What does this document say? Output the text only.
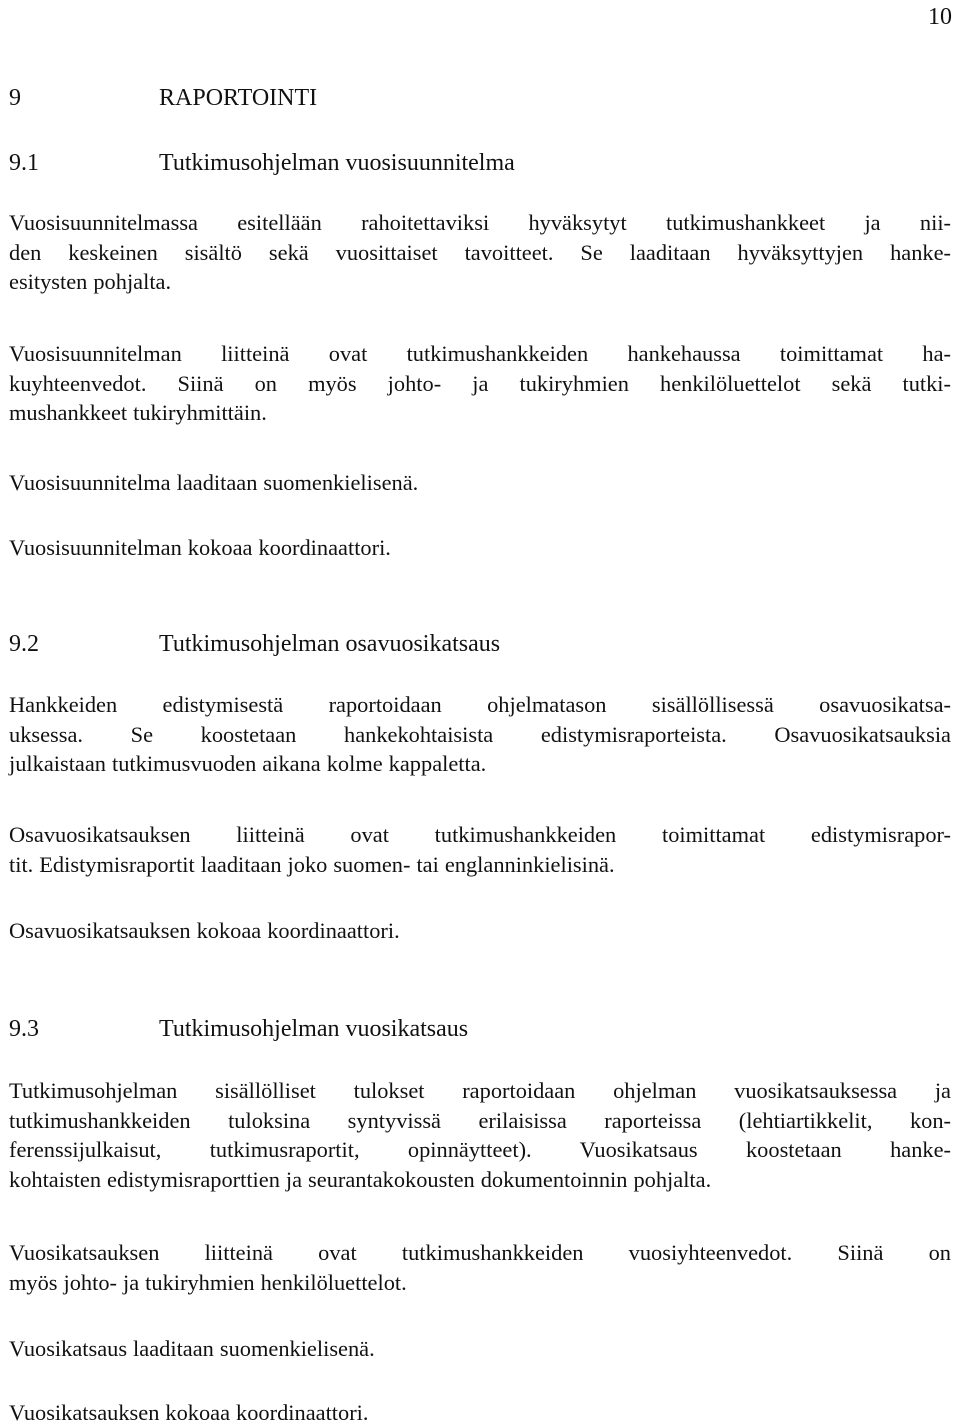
10
9	RAPORTOINTI
9.1	Tutkimusohjelman vuosisuunnitelma
Vuosisuunnitelmassa esitellään rahoitettaviksi hyväksytyt tutkimushankkeet ja nii-
den keskeinen sisältö sekä vuosittaiset tavoitteet. Se laaditaan hyväksyttyjen hanke-
esitysten pohjalta.
Vuosisuunnitelman liitteinä ovat tutkimushankkeiden hankehaussa toimittamat ha-
kuyhteenvedot. Siinä on myös johto- ja tukiryhmien henkilöluettelot sekä tutki-
mushankkeet tukiryhmittäin.
Vuosisuunnitelma laaditaan suomenkielisenä.
Vuosisuunnitelman kokoaa koordinaattori.
9.2	Tutkimusohjelman osavuosikatsaus
Hankkeiden edistymisestä raportoidaan ohjelmatason sisällöllisessä osavuosikatsa-
uksessa. Se koostetaan hankekohtaisista edistymisraporteista. Osavuosikatsauksia
julkaistaan tutkimusvuoden aikana kolme kappaletta.
Osavuosikatsauksen liitteinä ovat tutkimushankkeiden toimittamat edistymisrapor-
tit. Edistymisraportit laaditaan joko suomen- tai englanninkielisinä.
Osavuosikatsauksen kokoaa koordinaattori.
9.3	Tutkimusohjelman vuosikatsaus
Tutkimusohjelman sisällölliset tulokset raportoidaan ohjelman vuosikatsauksessa ja
tutkimushankkeiden tuloksina syntyvissä erilaisissa raporteissa (lehtiartikkelit, kon-
ferenssijulkaisut, tutkimusraportit, opinnäytteet). Vuosikatsaus koostetaan hanke-
kohtaisten edistymisraporttien ja seurantakokousten dokumentoinnin pohjalta.
Vuosikatsauksen liitteinä ovat tutkimushankkeiden vuosiyhteenvedot. Siinä on
myös johto- ja tukiryhmien henkilöluettelot.
Vuosikatsaus laaditaan suomenkielisenä.
Vuosikatsauksen kokoaa koordinaattori.
